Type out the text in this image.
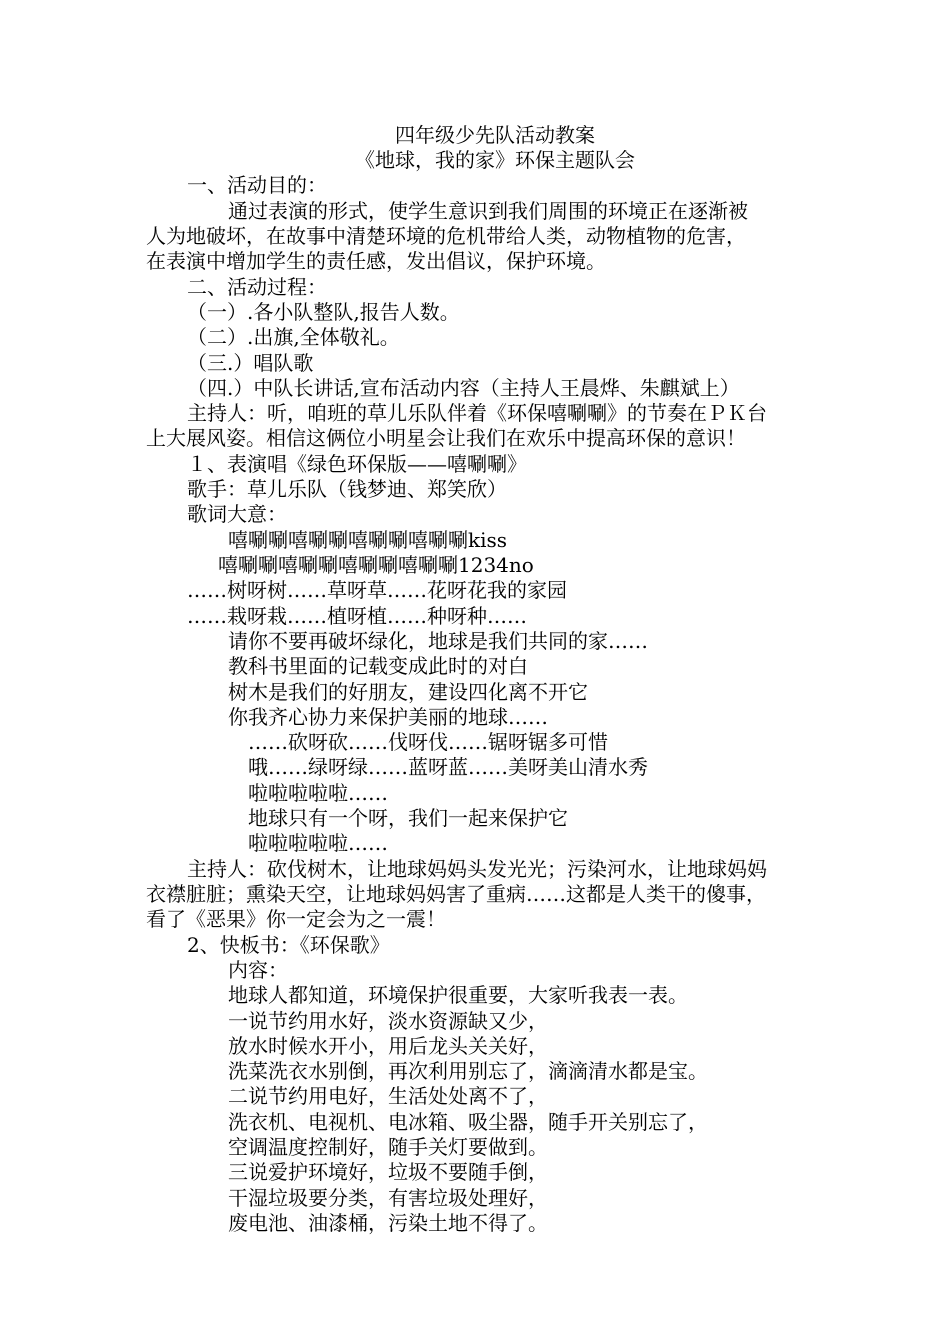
四年级少先队活动教案
《地球，我的家》环保主题队会
一、活动目的：
通过表演的形式，使学生意识到我们周围的环境正在逐渐被
人为地破坏，在故事中清楚环境的危机带给人类，动物植物的危害，
在表演中增加学生的责任感，发出倡议，保护环境。
二、活动过程：
（一）.各小队整队,报告人数。
（二）.出旗,全体敬礼。
（三.）唱队歌
（四.）中队长讲话,宣布活动内容（主持人王晨烨、朱麒斌上）
主持人：听，咱班的草儿乐队伴着《环保嘻唰唰》的节奏在ＰＫ台
上大展风姿。相信这俩位小明星会让我们在欢乐中提高环保的意识！
１、表演唱《绿色环保版——嘻唰唰》
歌手：草儿乐队（钱梦迪、郑笑欣）
歌词大意：
嘻唰唰嘻唰唰嘻唰唰嘻唰唰kiss
嘻唰唰嘻唰唰嘻唰唰嘻唰唰1234no
……树呀树……草呀草……花呀花我的家园
……栽呀栽……植呀植……种呀种……
请你不要再破坏绿化，地球是我们共同的家……
教科书里面的记载变成此时的对白
树木是我们的好朋友，建设四化离不开它
你我齐心协力来保护美丽的地球……
……砍呀砍……伐呀伐……锯呀锯多可惜
哦……绿呀绿……蓝呀蓝……美呀美山清水秀
啦啦啦啦啦……
地球只有一个呀，我们一起来保护它
啦啦啦啦啦……
主持人：砍伐树木，让地球妈妈头发光光；污染河水，让地球妈妈
衣襟脏脏；熏染天空，让地球妈妈害了重病……这都是人类干的傻事，
看了《恶果》你一定会为之一震！
2、快板书：《环保歌》
内容：
地球人都知道，环境保护很重要，大家听我表一表。
一说节约用水好，淡水资源缺又少，
放水时候水开小，用后龙头关关好，
洗菜洗衣水别倒，再次利用别忘了，滴滴清水都是宝。
二说节约用电好，生活处处离不了，
洗衣机、电视机、电冰箱、吸尘器，随手开关别忘了，
空调温度控制好，随手关灯要做到。
三说爱护环境好，垃圾不要随手倒，
干湿垃圾要分类，有害垃圾处理好，
废电池、油漆桶，污染土地不得了。
